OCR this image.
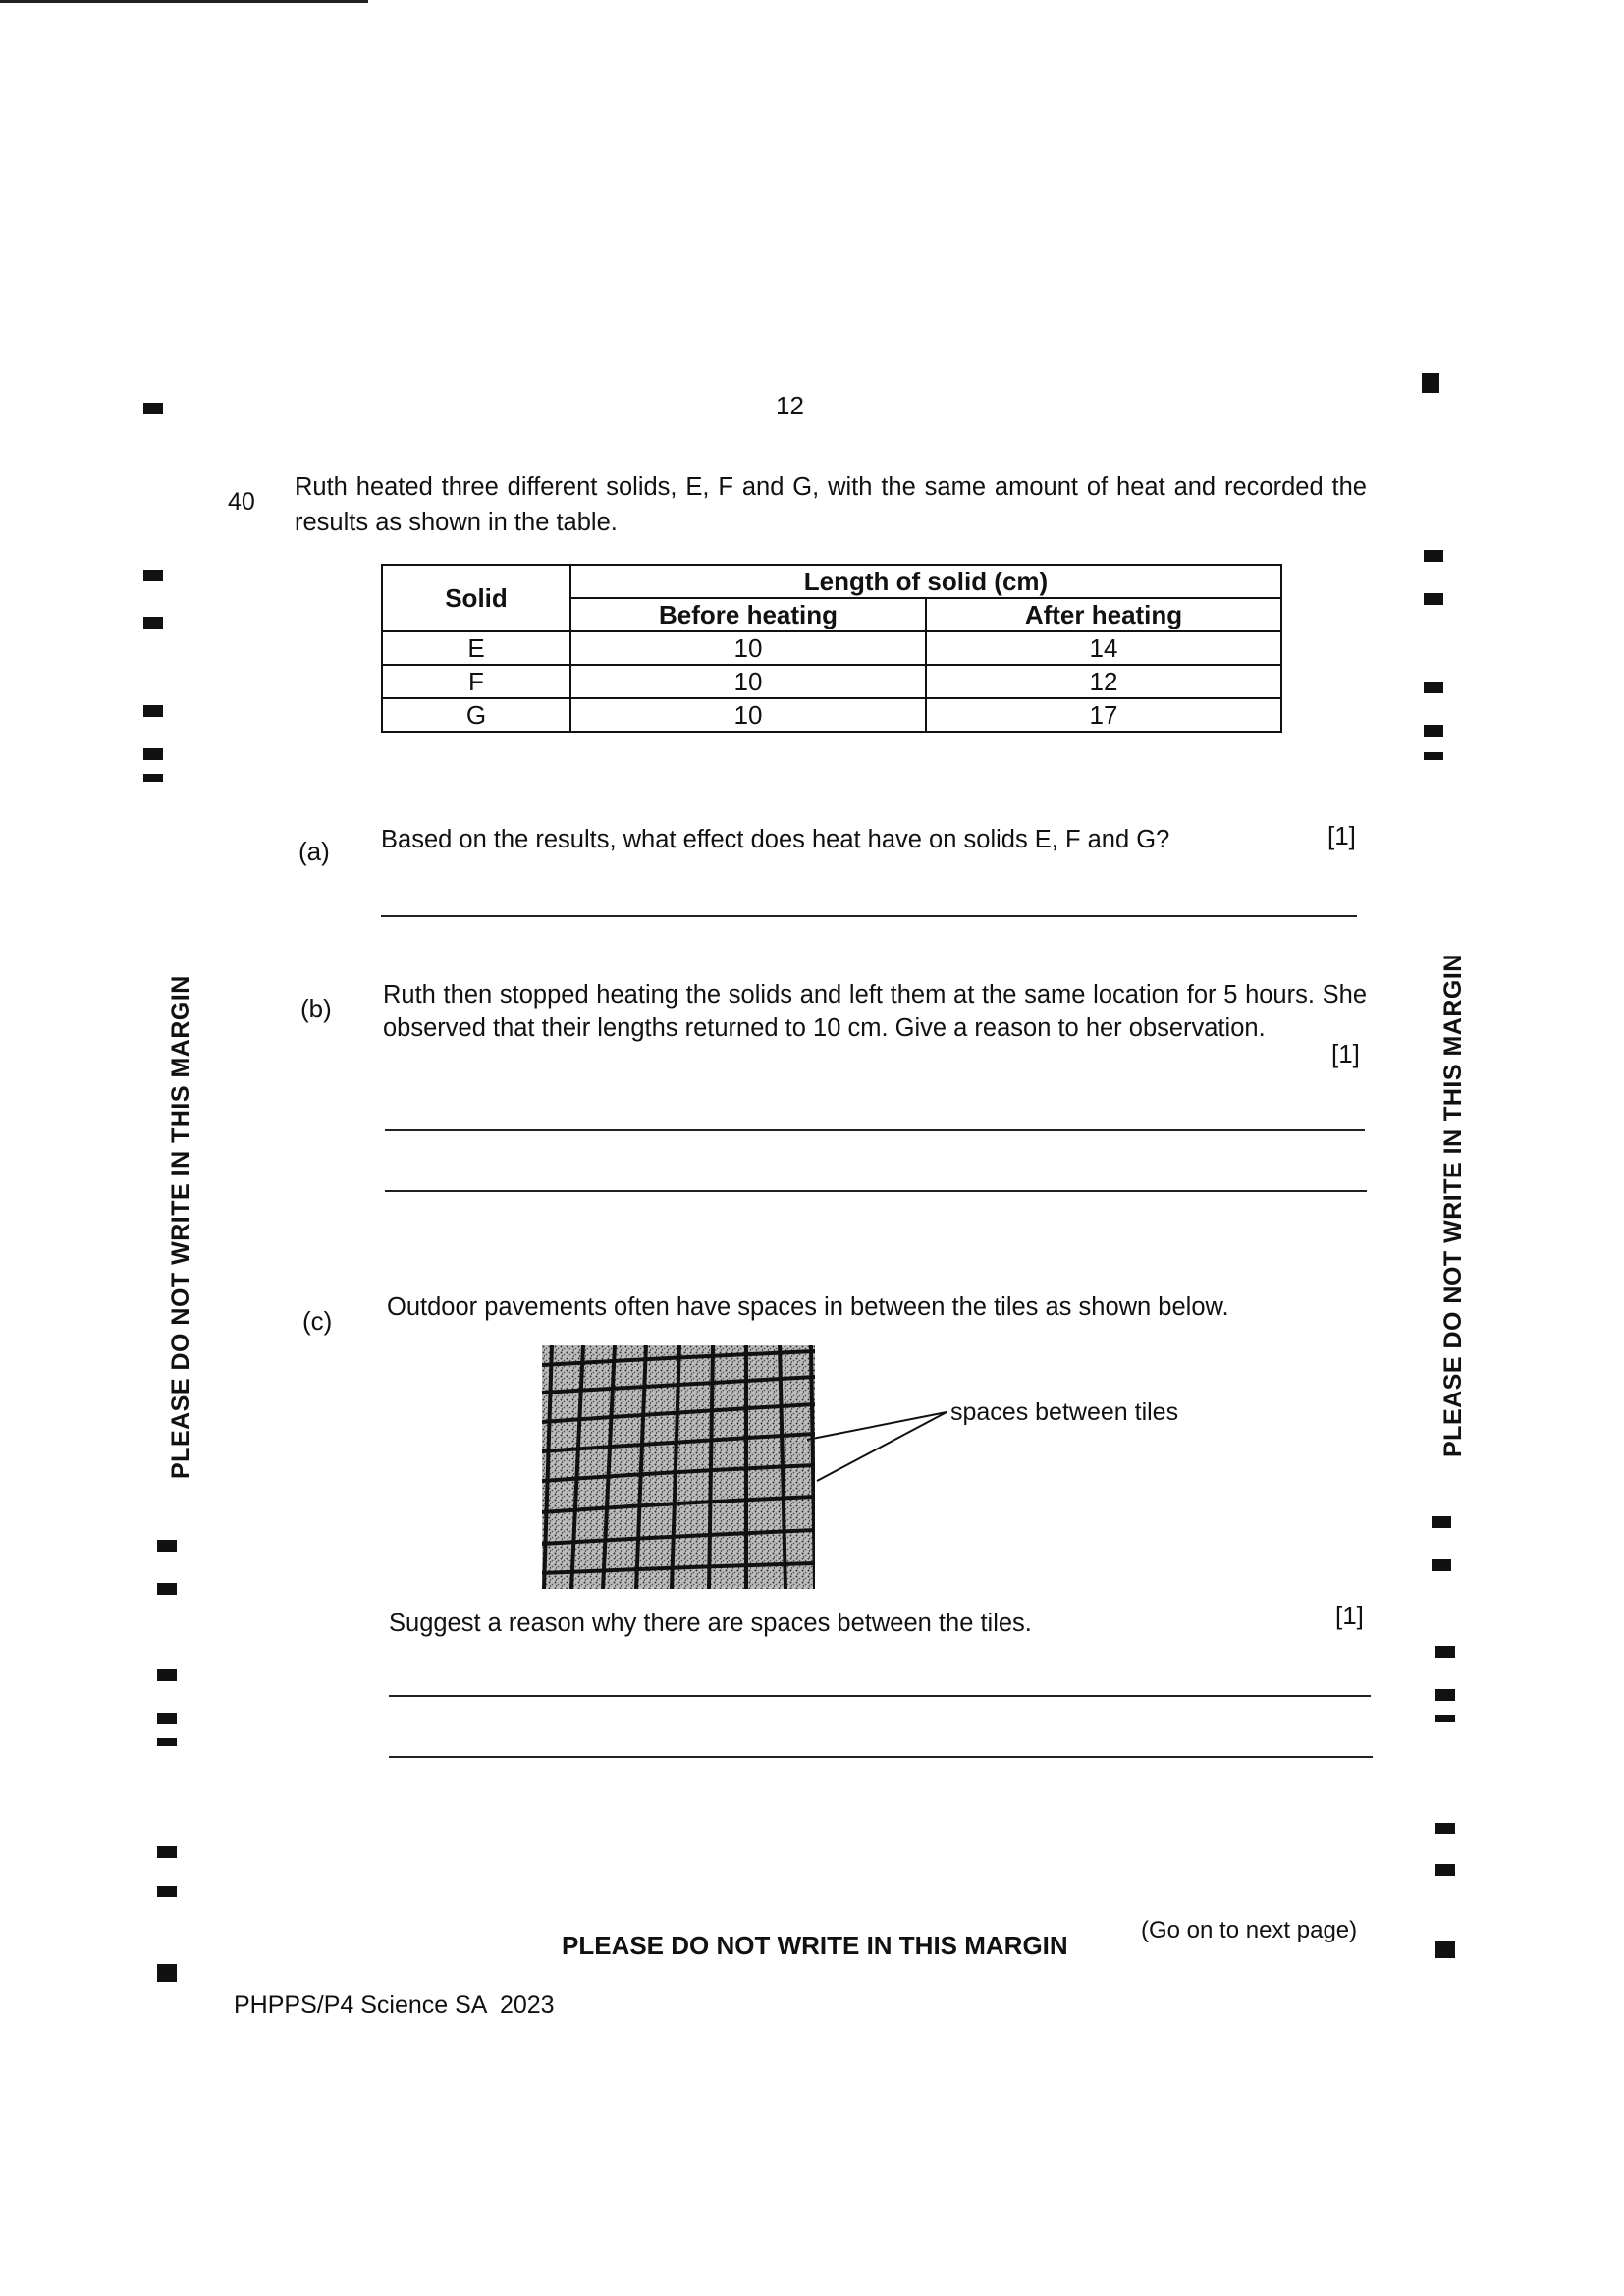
PLEASE DO NOT WRITE IN THIS MARGIN	PLEASE DO NOT WRITE IN THIS MARGIN
12
40
Ruth heated three different solids, E, F and G, with the same amount of heat and recorded the results as shown in the table.
Solid	Length of solid (cm)	
	Before heating	After heating
E	10	14
F	10	12
G	10	17
(a) Based on the results, what effect does heat have on solids E, F and G?	[1]
(b) Ruth then stopped heating the solids and left them at the same location for 5 hours. She observed that their lengths returned to 10 cm. Give a reason to her observation.
[1]
(c) Outdoor pavements often have spaces in between the tiles as shown below.
spaces between tiles
Suggest a reason why there are spaces between the tiles.	[1]
PLEASE DO NOT WRITE IN THIS MARGIN
(Go on to next page)
PHPPS/P4 Science SA  2023
